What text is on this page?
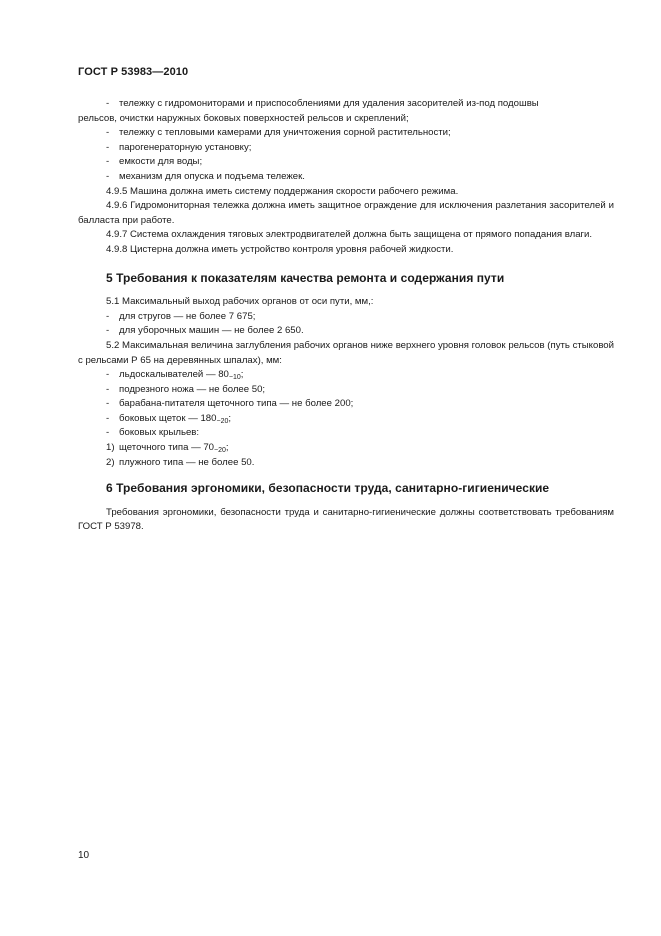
ГОСТ Р 53983—2010
- тележку с гидромониторами и приспособлениями для удаления засорителей из-под подошвы
рельсов, очистки наружных боковых поверхностей рельсов и скреплений;
- тележку с тепловыми камерами для уничтожения сорной растительности;
- парогенераторную установку;
- емкости для воды;
- механизм для опуска и подъема тележек.

4.9.5 Машина должна иметь систему поддержания скорости рабочего режима.

4.9.6 Гидромониторная тележка должна иметь защитное ограждение для исключения разлетания засорителей и балласта при работе.

4.9.7 Система охлаждения тяговых электродвигателей должна быть защищена от прямого попадания влаги.

4.9.8 Цистерна должна иметь устройство контроля уровня рабочей жидкости.

5 Требования к показателям качества ремонта и содержания пути

5.1 Максимальный выход рабочих органов от оси пути, мм,:

- для стругов — не более 7 675;
- для уборочных машин — не более 2 650.

5.2 Максимальная величина заглубления рабочих органов ниже верхнего уровня головок рельсов (путь стыковой с рельсами Р 65 на деревянных шпалах), мм:

- льдоскалывателей — $80_{-10}$;
- подрезного ножа — не более 50;
- барабана-питателя щеточного типа — не более 200;
- боковых щеток — $180_{-20}$;
- боковых крыльев:
1) щеточного типа — $70_{-20}$;
2) плужного типа — не более 50.
6 Требования эргономики, безопасности труда, санитарно-гигиенические

Требования эргономики, безопасности труда и санитарно-гигиенические должны соответствовать требованиям ГОСТ Р 53978.

10
